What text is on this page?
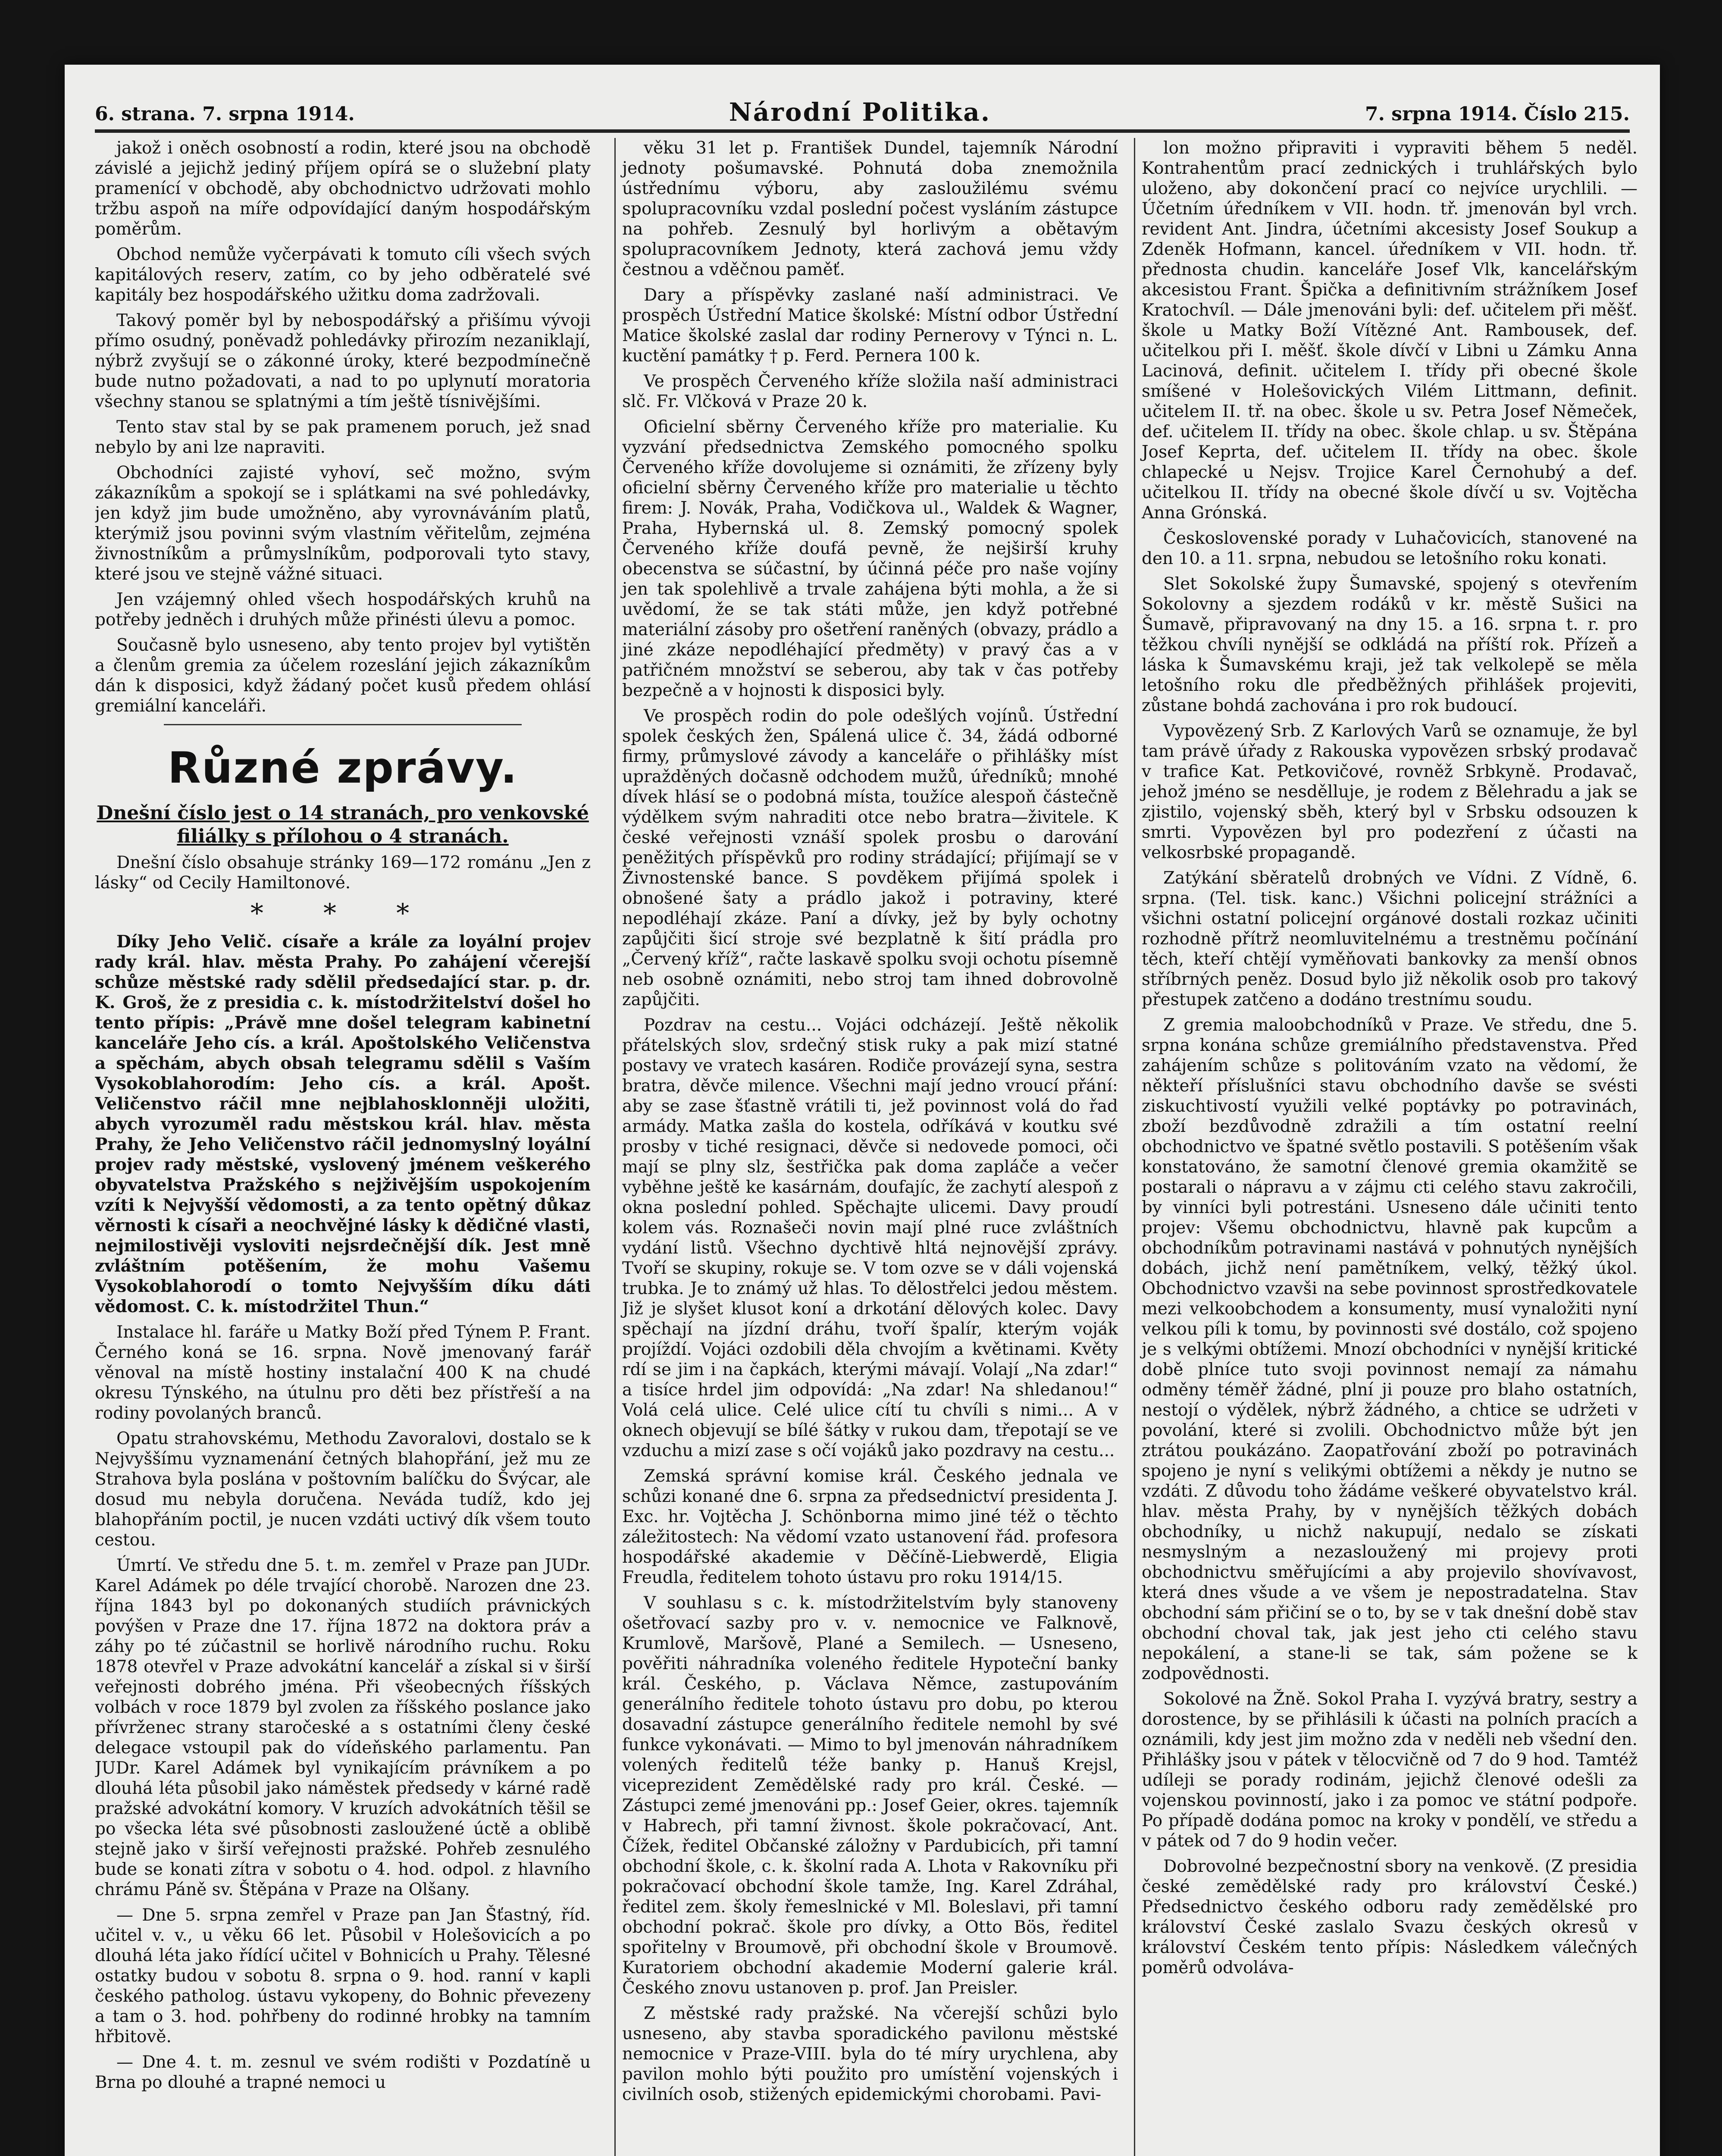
6. strana. 7. srpna 1914.	Národní Politika.	7. srpna 1914. Číslo 215.

jakož i oněch osobností a rodin, které jsou na obchodě závislé a jejichž jediný příjem opírá se o služební platy pramenící v obchodě, aby obchodnictvo udržovati mohlo tržbu aspoň na míře odpovídající daným hospodářským poměrům.

Obchod nemůže vyčerpávati k tomuto cíli všech svých kapitálových reserv, zatím, co by jeho odběratelé své kapitály bez hospodářského užitku doma zadržovali.

Takový poměr byl by nebospodářský a přišímu vývoji přímo osudný, poněvadž pohledávky přirozím nezaniklají, nýbrž zvyšují se o zákonné úroky, které bezpodmínečně bude nutno požadovati, a nad to po uplynutí moratoria všechny stanou se splatnými a tím ještě tísnivějšími.

Tento stav stal by se pak pramenem poruch, jež snad nebylo by ani lze napraviti.

Obchodníci zajisté vyhoví, seč možno, svým zákazníkům a spokojí se i splátkami na své pohledávky, jen když jim bude umožněno, aby vyrovnáváním platů, kterýmiž jsou povinni svým vlastním věřitelům, zejména živnostníkům a průmyslníkům, podporovali tyto stavy, které jsou ve stejně vážné situaci.

Jen vzájemný ohled všech hospodářských kruhů na potřeby jedněch i druhých může přinésti úlevu a pomoc.

Současně bylo usneseno, aby tento projev byl vytištěn a členům gremia za účelem rozeslání jejich zákazníkům dán k disposici, když žádaný počet kusů předem ohlásí gremiální kanceláři.

Různé zprávy.
Dnešní číslo jest o 14 stranách, pro venkovské filiálky s přílohou o 4 stranách.

Dnešní číslo obsahuje stránky 169—172 románu „Jen z lásky“ od Cecily Hamiltonové.

* * *

Díky Jeho Velič. císaře a krále za loyální projev rady král. hlav. města Prahy. Po zahájení včerejší schůze městské rady sdělil předsedající star. p. dr. K. Groš, že z presidia c. k. místodržitelství došel ho tento přípis: „Právě mne došel telegram kabinetní kanceláře Jeho cís. a král. Apoštolského Veličenstva a spěchám, abych obsah telegramu sdělil s Vaším Vysokoblahorodím: Jeho cís. a král. Apošt. Veličenstvo ráčil mne nejblahosklonněji uložiti, abych vyrozuměl radu městskou král. hlav. města Prahy, že Jeho Veličenstvo ráčil jednomyslný loyální projev rady městské, vyslovený jménem veškerého obyvatelstva Pražského s nejživějším uspokojením vzíti k Nejvyšší vědomosti, a za tento opětný důkaz věrnosti k císaři a neochvějné lásky k dědičné vlasti, nejmilostivěji vysloviti nejsrdečnější dík. Jest mně zvláštním potěšením, že mohu Vašemu Vysokoblahorodí o tomto Nejvyšším díku dáti vědomost. C. k. místodržitel Thun.“

Instalace hl. faráře u Matky Boží před Týnem P. Frant. Černého koná se 16. srpna. Nově jmenovaný farář věnoval na místě hostiny instalační 400 K na chudé okresu Týnského, na útulnu pro děti bez přístřeší a na rodiny povolaných branců.

Opatu strahovskému, Methodu Zavoralovi, dostalo se k Nejvyššímu vyznamenání četných blahopřání, jež mu ze Strahova byla poslána v poštovním balíčku do Švýcar, ale dosud mu nebyla doručena. Neváda tudíž, kdo jej blahopřáním poctil, je nucen vzdáti uctivý dík všem touto cestou.

Úmrtí. Ve středu dne 5. t. m. zemřel v Praze pan JUDr. Karel Adámek po déle trvající chorobě. Narozen dne 23. října 1843 byl po dokonaných studiích právnických povýšen v Praze dne 17. října 1872 na doktora práv a záhy po té zúčastnil se horlivě národního ruchu. Roku 1878 otevřel v Praze advokátní kancelář a získal si v širší veřejnosti dobrého jména. Při všeobecných říšských volbách v roce 1879 byl zvolen za říšského poslance jako přívrženec strany staročeské a s ostatními členy české delegace vstoupil pak do vídeňského parlamentu. Pan JUDr. Karel Adámek byl vynikajícím právníkem a po dlouhá léta působil jako náměstek předsedy v kárné radě pražské advokátní komory. V kruzích advokátních těšil se po všecka léta své působnosti zasloužené úctě a oblibě stejně jako v širší veřejnosti pražské. Pohřeb zesnulého bude se konati zítra v sobotu o 4. hod. odpol. z hlavního chrámu Páně sv. Štěpána v Praze na Olšany.

— Dne 5. srpna zemřel v Praze pan Jan Šťastný, říd. učitel v. v., u věku 66 let. Působil v Holešovicích a po dlouhá léta jako řídící učitel v Bohnicích u Prahy. Tělesné ostatky budou v sobotu 8. srpna o 9. hod. ranní v kapli českého patholog. ústavu vykopeny, do Bohnic převezeny a tam o 3. hod. pohřbeny do rodinné hrobky na tamním hřbitově.

— Dne 4. t. m. zesnul ve svém rodišti v Pozdatíně u Brna po dlouhé a trapné nemoci u

věku 31 let p. František Dundel, tajemník Národní jednoty pošumavské. Pohnutá doba znemožnila ústřednímu výboru, aby zasloužilému svému spolupracovníku vzdal poslední počest vysláním zástupce na pohřeb. Zesnulý byl horlivým a obětavým spolupracovníkem Jednoty, která zachová jemu vždy čestnou a vděčnou paměť.

Dary a příspěvky zaslané naší administraci. Ve prospěch Ústřední Matice školské: Místní odbor Ústřední Matice školské zaslal dar rodiny Pernerovy v Týnci n. L. kuctění památky † p. Ferd. Pernera 100 k.

Ve prospěch Červeného kříže složila naší administraci slč. Fr. Vlčková v Praze 20 k.

Oficielní sběrny Červeného kříže pro materialie. Ku vyzvání předsednictva Zemského pomocného spolku Červeného kříže dovolujeme si oznámiti, že zřízeny byly oficielní sběrny Červeného kříže pro materialie u těchto firem: J. Novák, Praha, Vodičkova ul., Waldek & Wagner, Praha, Hybernská ul. 8. Zemský pomocný spolek Červeného kříže doufá pevně, že nejširší kruhy obecenstva se súčastní, by účinná péče pro naše vojíny jen tak spolehlivě a trvale zahájena býti mohla, a že si uvědomí, že se tak státi může, jen když potřebné materiální zásoby pro ošetření raněných (obvazy, prádlo a jiné zkáze nepodléhající předměty) v pravý čas a v patřičném množství se seberou, aby tak v čas potřeby bezpečně a v hojnosti k disposici byly.

Ve prospěch rodin do pole odešlých vojínů. Ústřední spolek českých žen, Spálená ulice č. 34, žádá odborné firmy, průmyslové závody a kanceláře o přihlášky míst upražděných dočasně odchodem mužů, úředníků; mnohé dívek hlásí se o podobná místa, toužíce alespoň částečně výdělkem svým nahraditi otce nebo bratra—živitele. K české veřejnosti vznáší spolek prosbu o darování peněžitých příspěvků pro rodiny strádající; přijímají se v Živnostenské bance. S povděkem přijímá spolek i obnošené šaty a prádlo jakož i potraviny, které nepodléhají zkáze. Paní a dívky, jež by byly ochotny zapůjčiti šicí stroje své bezplatně k šití prádla pro „Červený kříž“, račte laskavě spolku svoji ochotu písemně neb osobně oznámiti, nebo stroj tam ihned dobrovolně zapůjčiti.

Pozdrav na cestu... Vojáci odcházejí. Ještě několik přátelských slov, srdečný stisk ruky a pak mizí statné postavy ve vratech kasáren. Rodiče provázejí syna, sestra bratra, děvče milence. Všechni mají jedno vroucí přání: aby se zase šťastně vrátili ti, jež povinnost volá do řad armády. Matka zašla do kostela, odříkává v koutku své prosby v tiché resignaci, děvče si nedovede pomoci, oči mají se plny slz, šestřička pak doma zapláče a večer vyběhne ještě ke kasárnám, doufajíc, že zachytí alespoň z okna poslední pohled. Spěchajte ulicemi. Davy proudí kolem vás. Roznašeči novin mají plné ruce zvláštních vydání listů. Všechno dychtivě hltá nejnovější zprávy. Tvoří se skupiny, rokuje se. V tom ozve se v dáli vojenská trubka. Je to známý už hlas. To dělostřelci jedou městem. Již je slyšet klusot koní a drkotání dělových kolec. Davy spěchají na jízdní dráhu, tvoří špalír, kterým voják projíždí. Vojáci ozdobili děla chvojím a květinami. Květy rdí se jim i na čapkách, kterými mávají. Volají „Na zdar!“ a tisíce hrdel jim odpovídá: „Na zdar! Na shledanou!“ Volá celá ulice. Celé ulice cítí tu chvíli s nimi... A v oknech objevují se bílé šátky v rukou dam, třepotají se ve vzduchu a mizí zase s očí vojáků jako pozdravy na cestu...

Zemská správní komise král. Českého jednala ve schůzi konané dne 6. srpna za předsednictví presidenta J. Exc. hr. Vojtěcha J. Schönborna mimo jiné též o těchto záležitostech: Na vědomí vzato ustanovení řád. profesora hospodářské akademie v Děčíně-Liebwerdě, Eligia Freudla, ředitelem tohoto ústavu pro roku 1914/15.

V souhlasu s c. k. místodržitelstvím byly stanoveny ošetřovací sazby pro v. v. nemocnice ve Falknově, Krumlově, Maršově, Plané a Semilech. — Usneseno, pověřiti náhradníka voleného ředitele Hypoteční banky král. Českého, p. Václava Němce, zastupováním generálního ředitele tohoto ústavu pro dobu, po kterou dosavadní zástupce generálního ředitele nemohl by své funkce vykonávati. — Mimo to byl jmenován náhradníkem volených ředitelů téže banky p. Hanuš Krejsl, viceprezident Zemědělské rady pro král. České. — Zástupci zemé jmenováni pp.: Josef Geier, okres. tajemník v Habrech, při tamní živnost. škole pokračovací, Ant. Čížek, ředitel Občanské záložny v Pardubicích, při tamní obchodní škole, c. k. školní rada A. Lhota v Rakovníku při pokračovací obchodní škole tamže, Ing. Karel Zdráhal, ředitel zem. školy řemeslnické v Ml. Boleslavi, při tamní obchodní pokrač. škole pro dívky, a Otto Bös, ředitel spořitelny v Broumově, při obchodní škole v Broumově. Kuratoriem obchodní akademie Moderní galerie král. Českého znovu ustanoven p. prof. Jan Preisler.

Z městské rady pražské. Na včerejší schůzi bylo usneseno, aby stavba sporadického pavilonu městské nemocnice v Praze-VIII. byla do té míry urychlena, aby pavilon mohlo býti použito pro umístění vojenských i civilních osob, stižených epidemickými chorobami. Pavi-

lon možno připraviti i vypraviti během 5 neděl. Kontrahentům prací zednických i truhlářských bylo uloženo, aby dokončení prací co nejvíce urychlili. — Účetním úředníkem v VII. hodn. tř. jmenován byl vrch. revident Ant. Jindra, účetními akcesisty Josef Soukup a Zdeněk Hofmann, kancel. úředníkem v VII. hodn. tř. přednosta chudin. kanceláře Josef Vlk, kancelářským akcesistou Frant. Špička a definitivním strážníkem Josef Kratochvíl. — Dále jmenováni byli: def. učitelem při měšť. škole u Matky Boží Vítězné Ant. Rambousek, def. učitelkou při I. měšť. škole dívčí v Libni u Zámku Anna Lacinová, definit. učitelem I. třídy při obecné škole smíšené v Holešovických Vilém Littmann, definit. učitelem II. tř. na obec. škole u sv. Petra Josef Němeček, def. učitelem II. třídy na obec. škole chlap. u sv. Štěpána Josef Keprta, def. učitelem II. třídy na obec. škole chlapecké u Nejsv. Trojice Karel Černohubý a def. učitelkou II. třídy na obecné škole dívčí u sv. Vojtěcha Anna Grónská.

Československé porady v Luhačovicích, stanovené na den 10. a 11. srpna, nebudou se letošního roku konati.

Slet Sokolské župy Šumavské, spojený s otevřením Sokolovny a sjezdem rodáků v kr. městě Sušici na Šumavě, připravovaný na dny 15. a 16. srpna t. r. pro těžkou chvíli nynější se odkládá na příští rok. Přízeň a láska k Šumavskému kraji, jež tak velkolepě se měla letošního roku dle předběžných přihlášek projeviti, zůstane bohdá zachována i pro rok budoucí.

Vypovězený Srb. Z Karlových Varů se oznamuje, že byl tam právě úřady z Rakouska vypovězen srbský prodavač v trafice Kat. Petkovičové, rovněž Srbkyně. Prodavač, jehož jméno se nesdělluje, je rodem z Bělehradu a jak se zjistilo, vojenský sběh, který byl v Srbsku odsouzen k smrti. Vypovězen byl pro podezření z účasti na velkosrbské propagandě.

Zatýkání sběratelů drobných ve Vídni. Z Vídně, 6. srpna. (Tel. tisk. kanc.) Všichni policejní strážníci a všichni ostatní policejní orgánové dostali rozkaz učiniti rozhodně přítrž neomluvitelnému a trestněmu počínání těch, kteří chtějí vyměňovati bankovky za menší obnos stříbrných peněz. Dosud bylo již několik osob pro takový přestupek zatčeno a dodáno trestnímu soudu.

Z gremia maloobchodníků v Praze. Ve středu, dne 5. srpna konána schůze gremiálního představenstva. Před zahájením schůze s politováním vzato na vědomí, že někteří příslušníci stavu obchodního davše se svésti ziskuchtivostí využili velké poptávky po potravinách, zboží bezdůvodně zdražili a tím ostatní reelní obchodnictvo ve špatné světlo postavili. S potěšením však konstatováno, že samotní členové gremia okamžitě se postarali o nápravu a v zájmu cti celého stavu zakročili, by vinníci byli potrestáni. Usneseno dále učiniti tento projev: Všemu obchodnictvu, hlavně pak kupcům a obchodníkům potravinami nastává v pohnutých nynějších dobách, jichž není pamětníkem, velký, těžký úkol. Obchodnictvo vzavši na sebe povinnost sprostředkovatele mezi velkoobchodem a konsumenty, musí vynaložiti nyní velkou píli k tomu, by povinnosti své dostálo, což spojeno je s velkými obtížemi. Mnozí obchodníci v nynější kritické době plníce tuto svoji povinnost nemají za námahu odměny téměř žádné, plní ji pouze pro blaho ostatních, nestojí o výdělek, nýbrž žádného, a chtice se udržeti v povolání, které si zvolili. Obchodnictvo může být jen ztrátou poukázáno. Zaopatřování zboží po potravinách spojeno je nyní s velikými obtížemi a někdy je nutno se vzdáti. Z důvodu toho žádáme veškeré obyvatelstvo král. hlav. města Prahy, by v nynějších těžkých dobách obchodníky, u nichž nakupují, nedalo se získati nesmyslným a nezasloužený mi projevy proti obchodnictvu směřujícími a aby projevilo shovívavost, která dnes všude a ve všem je nepostradatelna. Stav obchodní sám přičiní se o to, by se v tak dnešní době stav obchodní choval tak, jak jest jeho cti celého stavu nepokálení, a stane-li se tak, sám požene se k zodpovědnosti.

Sokolové na Žně. Sokol Praha I. vyzývá bratry, sestry a dorostence, by se přihlásili k účasti na polních pracích a oznámili, kdy jest jim možno zda v neděli neb všední den. Přihlášky jsou v pátek v tělocvičně od 7 do 9 hod. Tamtéž udíleji se porady rodinám, jejichž členové odešli za vojenskou povinností, jako i za pomoc ve státní podpoře. Po případě dodána pomoc na kroky v pondělí, ve středu a v pátek od 7 do 9 hodin večer.

Dobrovolné bezpečnostní sbory na venkově. (Z presidia české zemědělské rady pro království České.) Předsednictvo českého odboru rady zemědělské pro království České zaslalo Svazu českých okresů v království Českém tento přípis: Následkem válečných poměrů odvoláva-
